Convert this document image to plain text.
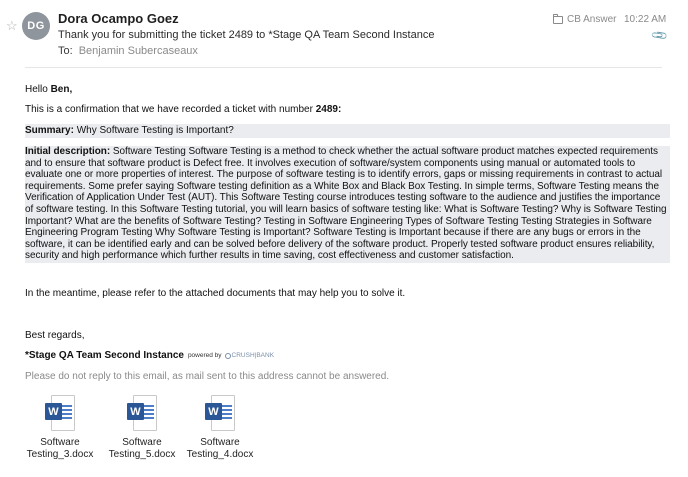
☆ DG	Dora Ocampo Goez
Thank you for submitting the ticket 2489 to *Stage QA Team Second Instance
To: Benjamin Subercaseaux
CB Answer 10:22 AM
📎
Hello Ben,
This is a confirmation that we have recorded a ticket with number 2489:
Summary: Why Software Testing is Important?
Initial description: Software Testing Software Testing is a method to check whether the actual software product matches expected requirements and to ensure that software product is Defect free. It involves execution of software/system components using manual or automated tools to evaluate one or more properties of interest. The purpose of software testing is to identify errors, gaps or missing requirements in contrast to actual requirements. Some prefer saying Software testing definition as a White Box and Black Box Testing. In simple terms, Software Testing means the Verification of Application Under Test (AUT). This Software Testing course introduces testing software to the audience and justifies the importance of software testing. In this Software Testing tutorial, you will learn basics of software testing like: What is Software Testing? Why is Software Testing Important? What are the benefits of Software Testing? Testing in Software Engineering Types of Software Testing Testing Strategies in Software Engineering Program Testing Why Software Testing is Important? Software Testing is Important because if there are any bugs or errors in the software, it can be identified early and can be solved before delivery of the software product. Properly tested software product ensures reliability, security and high performance which further results in time saving, cost effectiveness and customer satisfaction.
In the meantime, please refer to the attached documents that may help you to solve it.
Best regards,
*Stage QA Team Second Instance powered by CRUSH|BANK
Please do not reply to this email, as mail sent to this address cannot be answered.
W
Software
Testing_3.docx
W
Software
Testing_5.docx
W
Software
Testing_4.docx
